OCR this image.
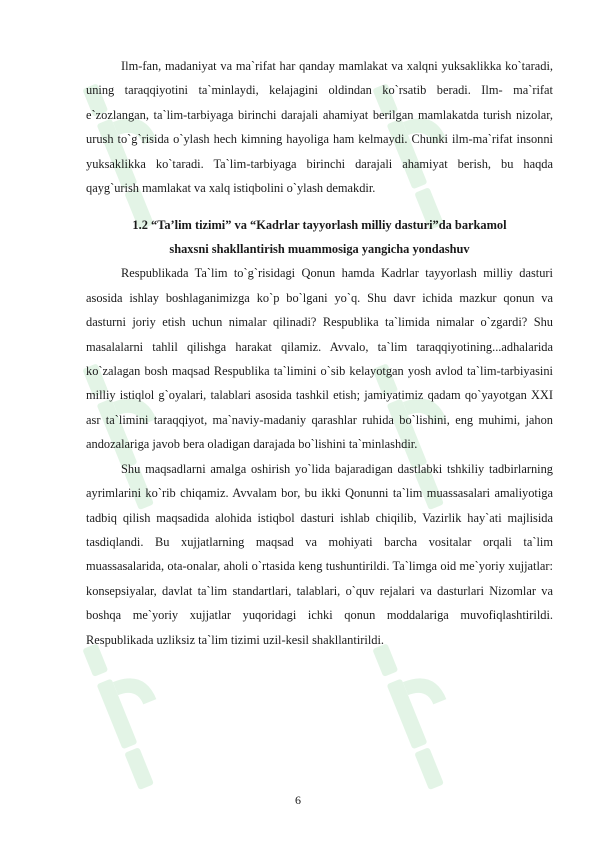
Ilm-fan, madaniyat va ma`rifat har qanday mamlakat va xalqni yuksaklikka ko`taradi, uning taraqqiyotini ta`minlaydi, kelajagini oldindan ko`rsatib beradi. Ilm- ma`rifat e`zozlangan, ta`lim-tarbiyaga birinchi darajali ahamiyat berilgan mamlakatda turish nizolar, urush to`g`risida o`ylash hech kimning hayoliga ham kelmaydi. Chunki ilm-ma`rifat insonni yuksaklikka ko`taradi. Ta`lim-tarbiyaga birinchi darajali ahamiyat berish, bu haqda qayg`urish mamlakat va xalq istiqbolini o`ylash demakdir.

1.2 “Ta’lim tizimi” va “Kadrlar tayyorlash milliy dasturi”da barkamol
shaxsni shakllantirish muammosiga yangicha yondashuv

Respublikada Ta`lim to`g`risidagi Qonun hamda Kadrlar tayyorlash milliy dasturi asosida ishlay boshlaganimizga ko`p bo`lgani yo`q. Shu davr ichida mazkur qonun va dasturni joriy etish uchun nimalar qilinadi? Respublika ta`limida nimalar o`zgardi? Shu masalalarni tahlil qilishga harakat qilamiz. Avvalo, ta`lim taraqqiyotining...adhalarida ko`zalagan bosh maqsad Respublika ta`limini o`sib kelayotgan yosh avlod ta`lim-tarbiyasini milliy istiqlol g`oyalari, talablari asosida tashkil etish; jamiyatimiz qadam qo`yayotgan XXI asr ta`limini taraqqiyot, ma`naviy-madaniy qarashlar ruhida bo`lishini, eng muhimi, jahon andozalariga javob bera oladigan darajada bo`lishini ta`minlashdir.

Shu maqsadlarni amalga oshirish yo`lida bajaradigan dastlabki tshkiliy tadbirlarning ayrimlarini ko`rib chiqamiz. Avvalam bor, bu ikki Qonunni ta`lim muassasalari amaliyotiga tadbiq qilish maqsadida alohida istiqbol dasturi ishlab chiqilib, Vazirlik hay`ati majlisida tasdiqlandi. Bu xujjatlarning maqsad va mohiyati barcha vositalar orqali ta`lim muassasalarida, ota-onalar, aholi o`rtasida keng tushuntirildi. Ta`limga oid me`yoriy xujjatlar: konsepsiyalar, davlat ta`lim standartlari, talablari, o`quv rejalari va dasturlari Nizomlar va boshqa me`yoriy xujjatlar yuqoridagi ichki qonun moddalariga muvofiqlashtirildi. Respublikada uzliksiz ta`lim tizimi uzil-kesil shakllantirildi.

6
